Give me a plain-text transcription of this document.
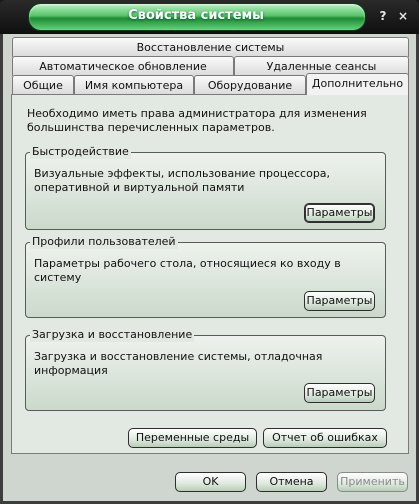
Свойства системы	? ×
Восстановление системы
Автоматическое обновление	Удаленные сеансы
Общие	Имя компьютера	Оборудование	Дополнительно
Необходимо иметь права администратора для изменения большинства перечисленных параметров.
Быстродействие
Визуальные эффекты, использование процессора, оперативной и виртуальной памяти
Параметры
Профили пользователей
Параметры рабочего стола, относящиеся ко входу в систему
Параметры
Загрузка и восстановление
Загрузка и восстановление системы, отладочная информация
Параметры
Переменные среды	Отчет об ошибках
OK	Отмена	Применить
